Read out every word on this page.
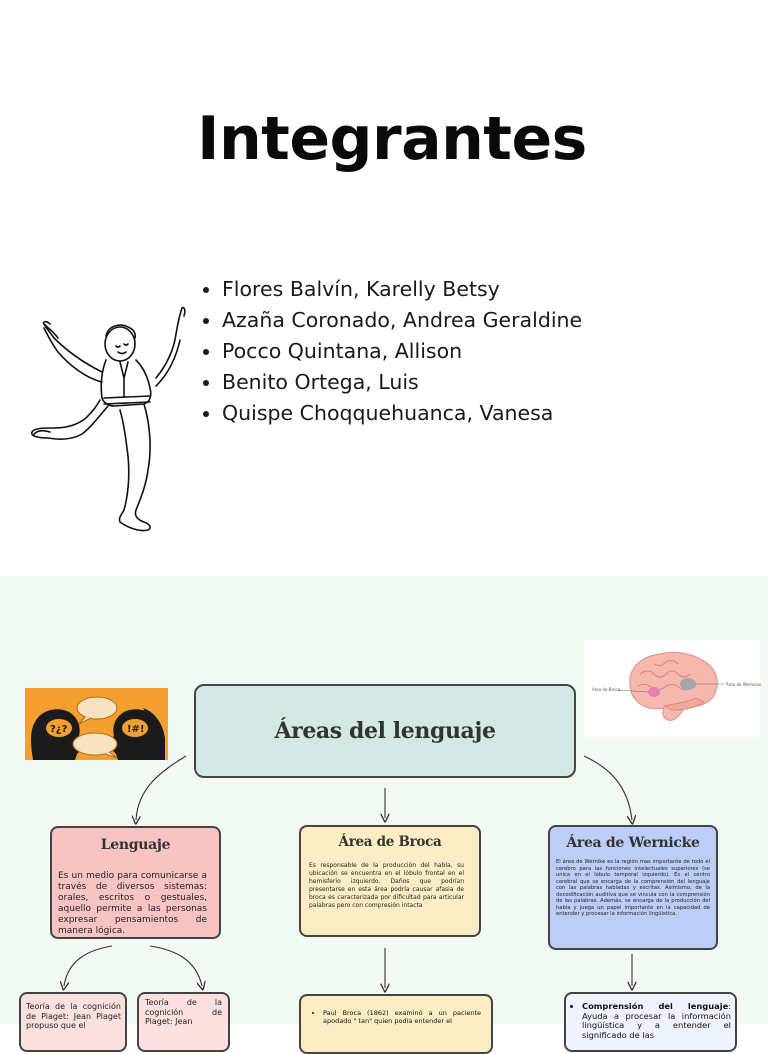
Integrantes
Flores Balvín, Karelly Betsy
Azaña Coronado, Andrea Geraldine
Pocco Quintana, Allison
Benito Ortega, Luis
Quispe Choqquehuanca, Vanesa
?¿?	!#!	Áreas del lenguaje
Área de Broca
Área de Wernicke
Lenguaje

Es un medio para comunicarse a través de diversos sistemas: orales, escritos o gestuales, aquello permite a las personas expresar pensamientos de manera lógica.

Área de Broca

Es responsable de la producción del habla, su ubicación se encuentra en el lóbulo frontal en el hemisferio izquierdo. Daños que podrían presentarse en esta área podría causar afasia de broca es caracterizada por dificultad para articular palabras pero con compresión intacta

Área de Wernicke

El área de Wernike es la región mas importante de todo el cerebro para las funciones intelectuales superiores (se unica en el lóbulo temporal izquierdo). Es el centro cerebral que se encarga de la comprensión del lenguaje con las palabras habladas y escritas. Asimismo, de la decodificación auditiva que se vincula con la comprensión de las palabras. Además, se encarga de la producción del habla y juega un papel importante en la capacidad de entender y procesar la información lingüística.

Teoría de la cognición de Piaget: Jean Piaget propuso que el

Teoría de la cognición de Piaget: Jean

• Paul Broca (1862) examinó a un paciente apodado " tan" quien podía entender el
• Comprensión del lenguaje: Ayuda a procesar la información lingüística y a entender el significado de las
